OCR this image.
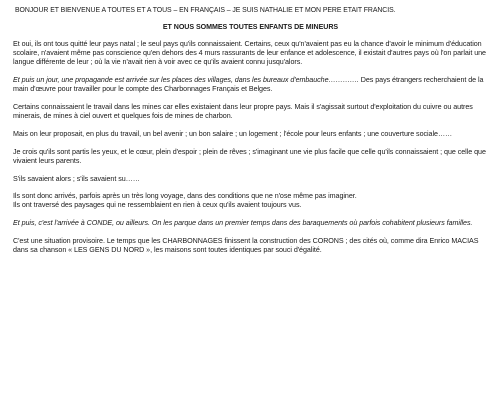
BONJOUR ET BIENVENUE A TOUTES ET A TOUS – EN FRANÇAIS – JE SUIS NATHALIE ET MON PERE ETAIT FRANCIS.
ET NOUS SOMMES TOUTES ENFANTS DE MINEURS

Et oui, ils ont tous quitté leur pays natal ; le seul pays qu'ils connaissaient. Certains, ceux qu'n'avaient pas eu la chance d'avoir le minimum d'éducation scolaire, n'avaient même pas conscience qu'en dehors des 4 murs rassurants de leur enfance et adolescence, il existait d'autres pays où l'on parlait une langue différente de leur ; où la vie n'avait rien à voir avec ce qu'ils avaient connu jusqu'alors.

Et puis un jour, une propagande est arrivée sur les places des villages, dans les bureaux d'embauche…………. Des pays étrangers recherchaient de la main d'œuvre pour travailler pour le compte des Charbonnages Français et Belges.

Certains connaissaient le travail dans les mines car elles existaient dans leur propre pays. Mais il s'agissait surtout d'exploitation du cuivre ou autres minerais, de mines à ciel ouvert et quelques fois de mines de charbon.

Mais on leur proposait, en plus du travail, un bel avenir ; un bon salaire ; un logement ; l'école pour leurs enfants ; une couverture sociale……

Je crois qu'ils sont partis les yeux, et le cœur, plein d'espoir ; plein de rêves ; s'imaginant une vie plus facile que celle qu'ils connaissaient ; que celle que vivaient leurs parents.

S'ils savaient alors ; s'ils savaient su……

Ils sont donc arrivés, parfois après un très long voyage, dans des conditions que ne n'ose même pas imaginer.
Ils ont traversé des paysages qui ne ressemblaient en rien à ceux qu'ils avaient toujours vus.

Et puis, c'est l'arrivée à CONDE, ou ailleurs. On les parque dans un premier temps dans des baraquements où parfois cohabitent plusieurs familles.

C'est une situation provisoire. Le temps que les CHARBONNAGES finissent la construction des CORONS ; des cités où, comme dira Enrico MACIAS dans sa chanson « LES GENS DU NORD », les maisons sont toutes identiques par souci d'égalité.
